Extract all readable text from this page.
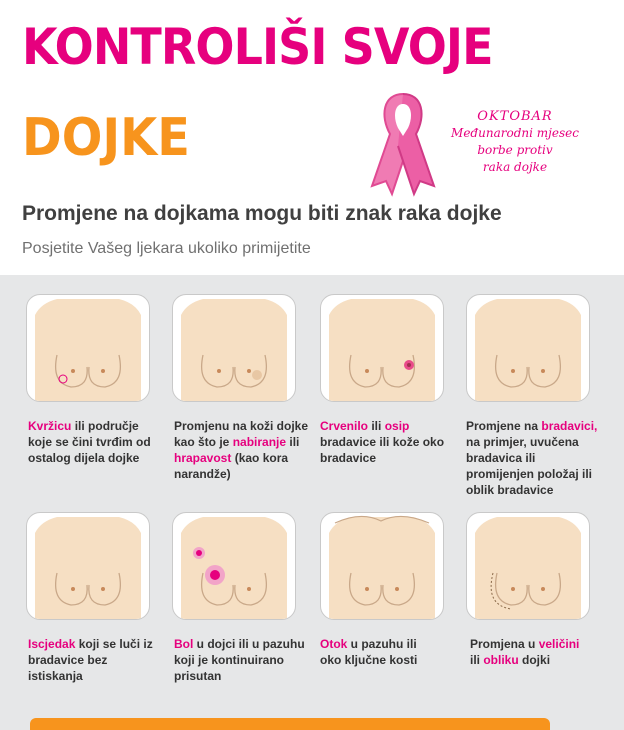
KONTROLIŠI SVOJE
DOJKE	OKTOBAR
Međunarodni mjesec
borbe protiv
raka dojke
Promjene na dojkama mogu biti znak raka dojke
Posjetite Vašeg ljekara ukoliko primijetite
Kvržicu ili područje koje se čini tvrđim od ostalog dijela dojke
Promjenu na koži dojke kao što je nabiranje ili hrapavost (kao kora narandže)
Crvenilo ili osip bradavice ili kože oko bradavice
Promjene na bradavici, na primjer, uvučena bradavica ili promijenjen položaj ili oblik bradavice
Iscjedak koji se luči iz bradavice bez istiskanja
Bol u dojci ili u pazuhu koji je kontinuirano prisutan
Otok u pazuhu ili oko ključne kosti
Promjena u veličini ili obliku dojki
